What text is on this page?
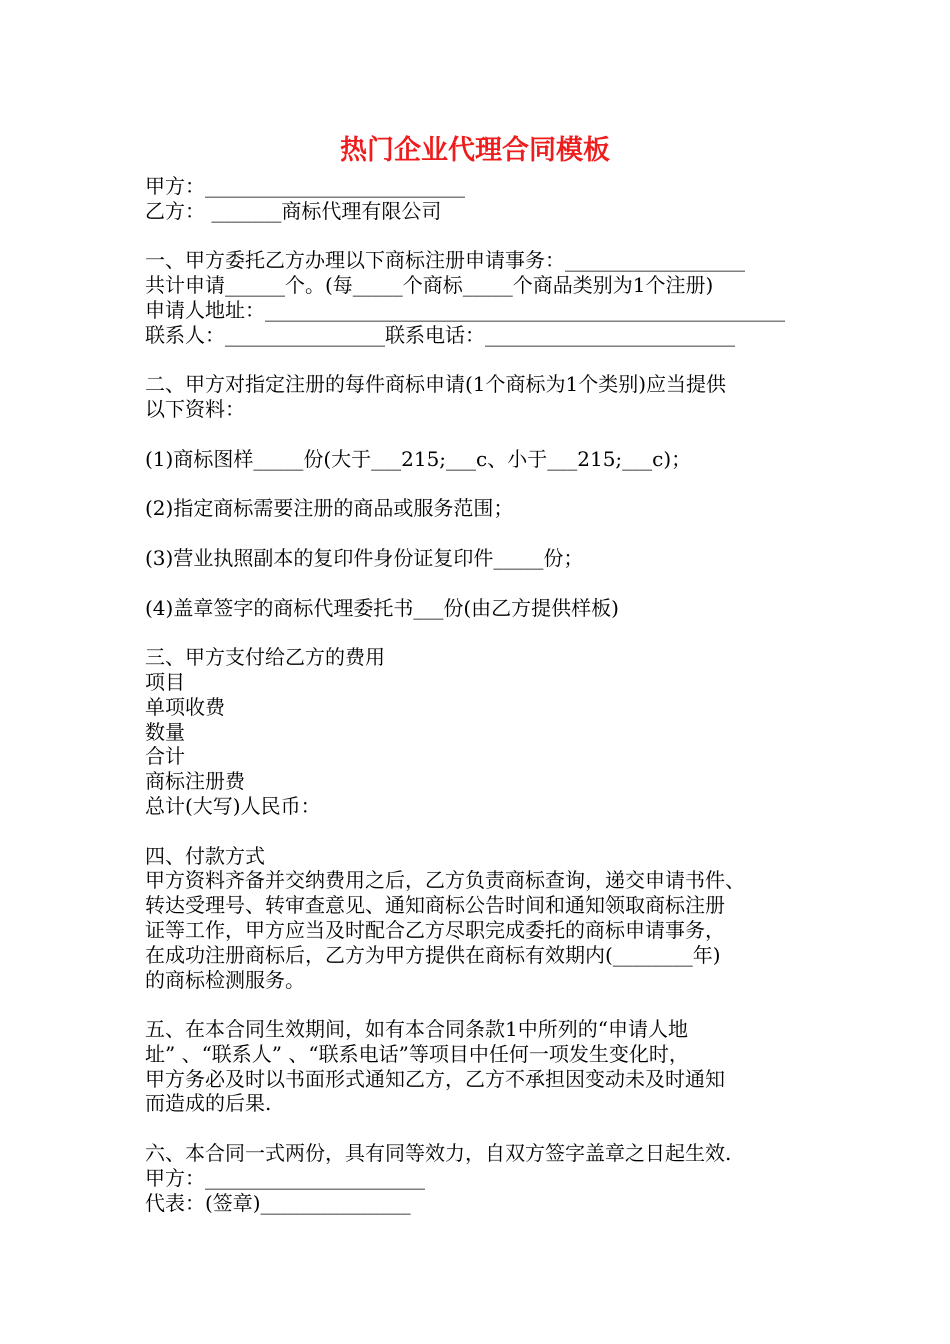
热门企业代理合同模板
甲方：__________________________
乙方： _______商标代理有限公司
一、甲方委托乙方办理以下商标注册申请事务：__________________
共计申请______个。(每_____个商标_____个商品类别为1个注册)
申请人地址：____________________________________________________
联系人：________________联系电话：_________________________
二、甲方对指定注册的每件商标申请(1个商标为1个类别)应当提供
以下资料：
(1)商标图样_____份(大于___215;___c、小于___215;___c)；
(2)指定商标需要注册的商品或服务范围；
(3)营业执照副本的复印件身份证复印件_____份；
(4)盖章签字的商标代理委托书___份(由乙方提供样板)
三、甲方支付给乙方的费用
项目
单项收费
数量
合计
商标注册费
总计(大写)人民币：
四、付款方式
甲方资料齐备并交纳费用之后，乙方负责商标查询，递交申请书件、
转达受理号、转审查意见、通知商标公告时间和通知领取商标注册
证等工作，甲方应当及时配合乙方尽职完成委托的商标申请事务，
在成功注册商标后，乙方为甲方提供在商标有效期内(________年)
的商标检测服务。
五、在本合同生效期间，如有本合同条款1中所列的“申请人地
址” 、“联系人” 、“联系电话”等项目中任何一项发生变化时，
甲方务必及时以书面形式通知乙方，乙方不承担因变动未及时通知
而造成的后果.
六、本合同一式两份，具有同等效力，自双方签字盖章之日起生效.
甲方：______________________
代表：(签章)_______________
